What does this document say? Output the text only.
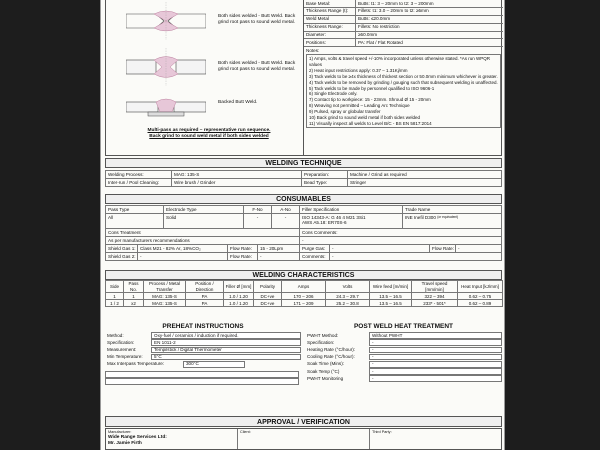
Both sides welded - Butt Weld. Back grind root pass to sound weld metal.
Both sides welded - Butt Weld. Back grind root pass to sound weld metal.
Backed Butt Weld.
Multi-pass as required – representative run sequence.
Back grind to sound weld metal if both sides welded
Base Metal:	Butts: t1: 3 – 20mm to t2: 3 – 200mm
Thickness Range (t):	Fillets: t1: 3.0 – 20mm to t2: ≥5mm
Weld Metal	Butts: ≤20.0mm
Thickness Range:	Fillets: No restriction
Diameter:	≥50.0mm
Positions:	PA: Flat / Flat Rotated
Notes:
1) Amps, volts & travel speed +/-10% incorporated unless otherwise stated. *As run WPQR values
2) Heat input restrictions apply: 0.37 – 1.31Kj/mm
3) Tack welds to be ≥4x thickness of thickest section or 50.0mm minimum whichever is greater.
4) Tack welds to be removed by grinding / gouging such that subsequent welding is unaffected.
5) Tack welds to be made by personnel qualified to ISO 9606-1
6) Single Electrode only.
7) Contact tip to workpiece: 15 - 23mm. Shroud Ø 15 - 20mm
8) Weaving not permitted – Leading Arc Technique
9) Pulsed, spray or globular transfer
10) Back grind to sound weld metal if both sides welded
11) Visually inspect all welds to Level B/C - BS EN 5817:2014
WELDING TECHNIQUE
Welding Process:	MAG: 135-S	Preparation:	Machine / Grind as required
Inter-run / Pool Cleaning:	Wire brush / Grinder	Bead Type:	Stringer
CONSUMABLES
Pass Type	Electrode Type	F-No	A-No	Filler Specification	Trade Name
All	Solid	-	-	ISO 14343-A: G 46 4 M21 3Si1
AWS A5.18: ER70S-6
INE Inefil D300
(or equivalent)
Cons Treatment	Cons Comments:
As per manufacturers recommendations	-
Shield Gas 1: Class M21 - 82% Ar, 18%CO₂	Flow Rate:	15 - 20Lpm	Purge Gas:	-	Flow Rate: -
Shield Gas 2: -	Flow Rate:	-	Comments:	-
WELDING CHARACTERISTICS
Side	Pass No.	Process / Metal Transfer	Position / Direction	Filler Ø [mm]	Polarity	Amps	Volts	Wire feed [m/min]	Travel speed [mm/min]	Heat Input [kJ/mm]
1	1	MAG: 135-S	PA	1.0 / 1.20	DC+ve	170 – 206	24.3 – 29.7	13.5 – 16.5	322 – 394	0.62 – 0.75
1 / 2	x2	MAG: 135-S	PA	1.0 / 1.20	DC+ve	171 – 209	25.2 – 30.8	13.5 – 16.5	233* - 501*	0.62 – 0.89
PREHEAT INSTRUCTIONS
Method:	Oxy-fuel / ceramics / induction if required.
Specification:	EN 1011-2
Measurement:	Tempilstick / Digital Thermometer
Min Temperature:	5°C
Max Interpass Temperature:	300°C
POST WELD HEAT TREATMENT
PWHT Method:	Without PWHT
Specification:	-
Heating Rate (°C/hour):	-
Cooling Rate (°C/hour):	-
Soak Time (Mins):	-
Soak Temp (°C)	-
PWHT Monitoring	-
APPROVAL / VERIFICATION
Manufacturer:
Wide Range Services Ltd:
Mr. Jamie Firth
Client:	Third Party:
